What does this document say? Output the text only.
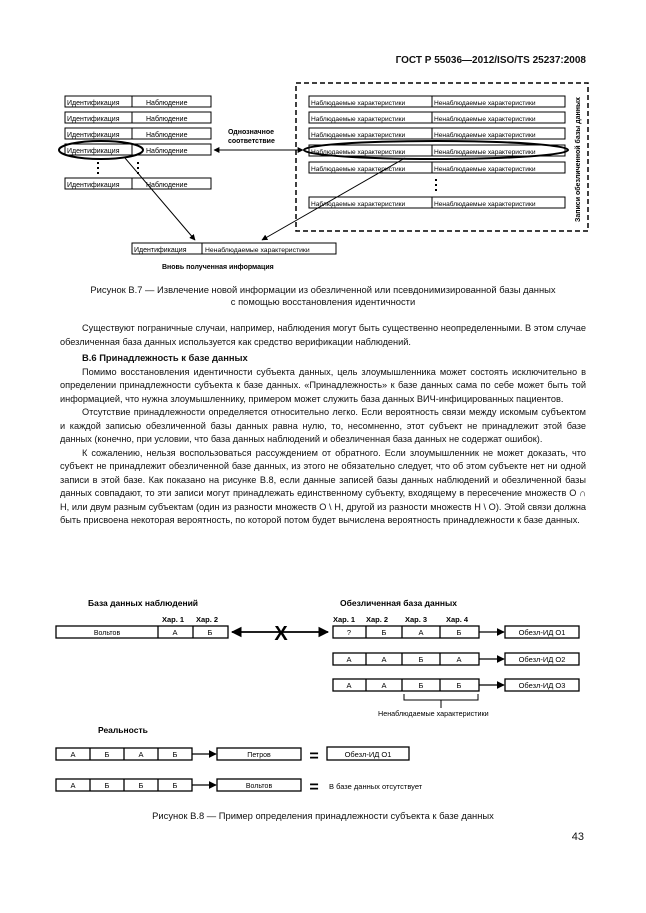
ГОСТ Р 55036—2012/ISO/TS 25237:2008
Идентификация	Наблюдение
Идентификация	Наблюдение
Идентификация	Наблюдение
Идентификация	Наблюдение
Идентификация	Наблюдение
Однозначное
соответствие
Наблюдаемые характеристики	Ненаблюдаемые характеристики
Наблюдаемые характеристики	Ненаблюдаемые характеристики
Наблюдаемые характеристики	Ненаблюдаемые характеристики
Наблюдаемые характеристики	Ненаблюдаемые характеристики
Наблюдаемые характеристики	Ненаблюдаемые характеристики
Наблюдаемые характеристики	Ненаблюдаемые характеристики	Записи обезличенной базы данных
Идентификация	Ненаблюдаемые характеристики
Вновь полученная информация
Рисунок B.7 — Извлечение новой информации из обезличенной или псевдонимизированной базы данных
с помощью восстановления идентичности

Существуют пограничные случаи, например, наблюдения могут быть существенно неопределенными. В этом случае обезличенная база данных используется как средство верификации наблюдений.

B.6 Принадлежность к базе данных

Помимо восстановления идентичности субъекта данных, цель злоумышленника может состоять исключительно в определении принадлежности субъекта к базе данных. «Принадлежность» к базе данных сама по себе может быть той информацией, что нужна злоумышленнику, примером может служить база данных ВИЧ-инфицированных пациентов.

Отсутствие принадлежности определяется относительно легко. Если вероятность связи между искомым субъектом и каждой записью обезличенной базы данных равна нулю, то, несомненно, этот субъект не принадлежит этой базе данных (конечно, при условии, что база данных наблюдений и обезличенная база данных не содержат ошибок).

К сожалению, нельзя воспользоваться рассуждением от обратного. Если злоумышленник не может доказать, что субъект не принадлежит обезличенной базе данных, из этого не обязательно следует, что об этом субъекте нет ни одной записи в этой базе. Как показано на рисунке B.8, если данные записей базы данных наблюдений и обезличенной базы данных совпадают, то эти записи могут принадлежать единственному субъекту, входящему в пересечение множеств O ∩ H, или двум разным субъектам (один из разности множеств O \ H, другой из разности множеств H \ O). Этой связи должна быть присвоена некоторая вероятность, по которой потом будет вычислена вероятность принадлежности к базе данных.

База данных наблюдений	Обезличенная база данных
Хар. 1 Хар. 2
Вольтов	А	Б	X
Хар. 1 Хар. 2 Хар. 3	Хар. 4
?	Б	А	Б	Обезл-ИД О1
А	А	Б	А	Обезл-ИД О2
А	А	Б	Б	Обезл-ИД О3
Ненаблюдаемые характеристики
Реальность
А	Б	А	Б	Петров =	Обезл-ИД О1
А	Б	Б	Б	Вольтов = В базе данных отсутствует
Рисунок B.8 — Пример определения принадлежности субъекта к базе данных
43
